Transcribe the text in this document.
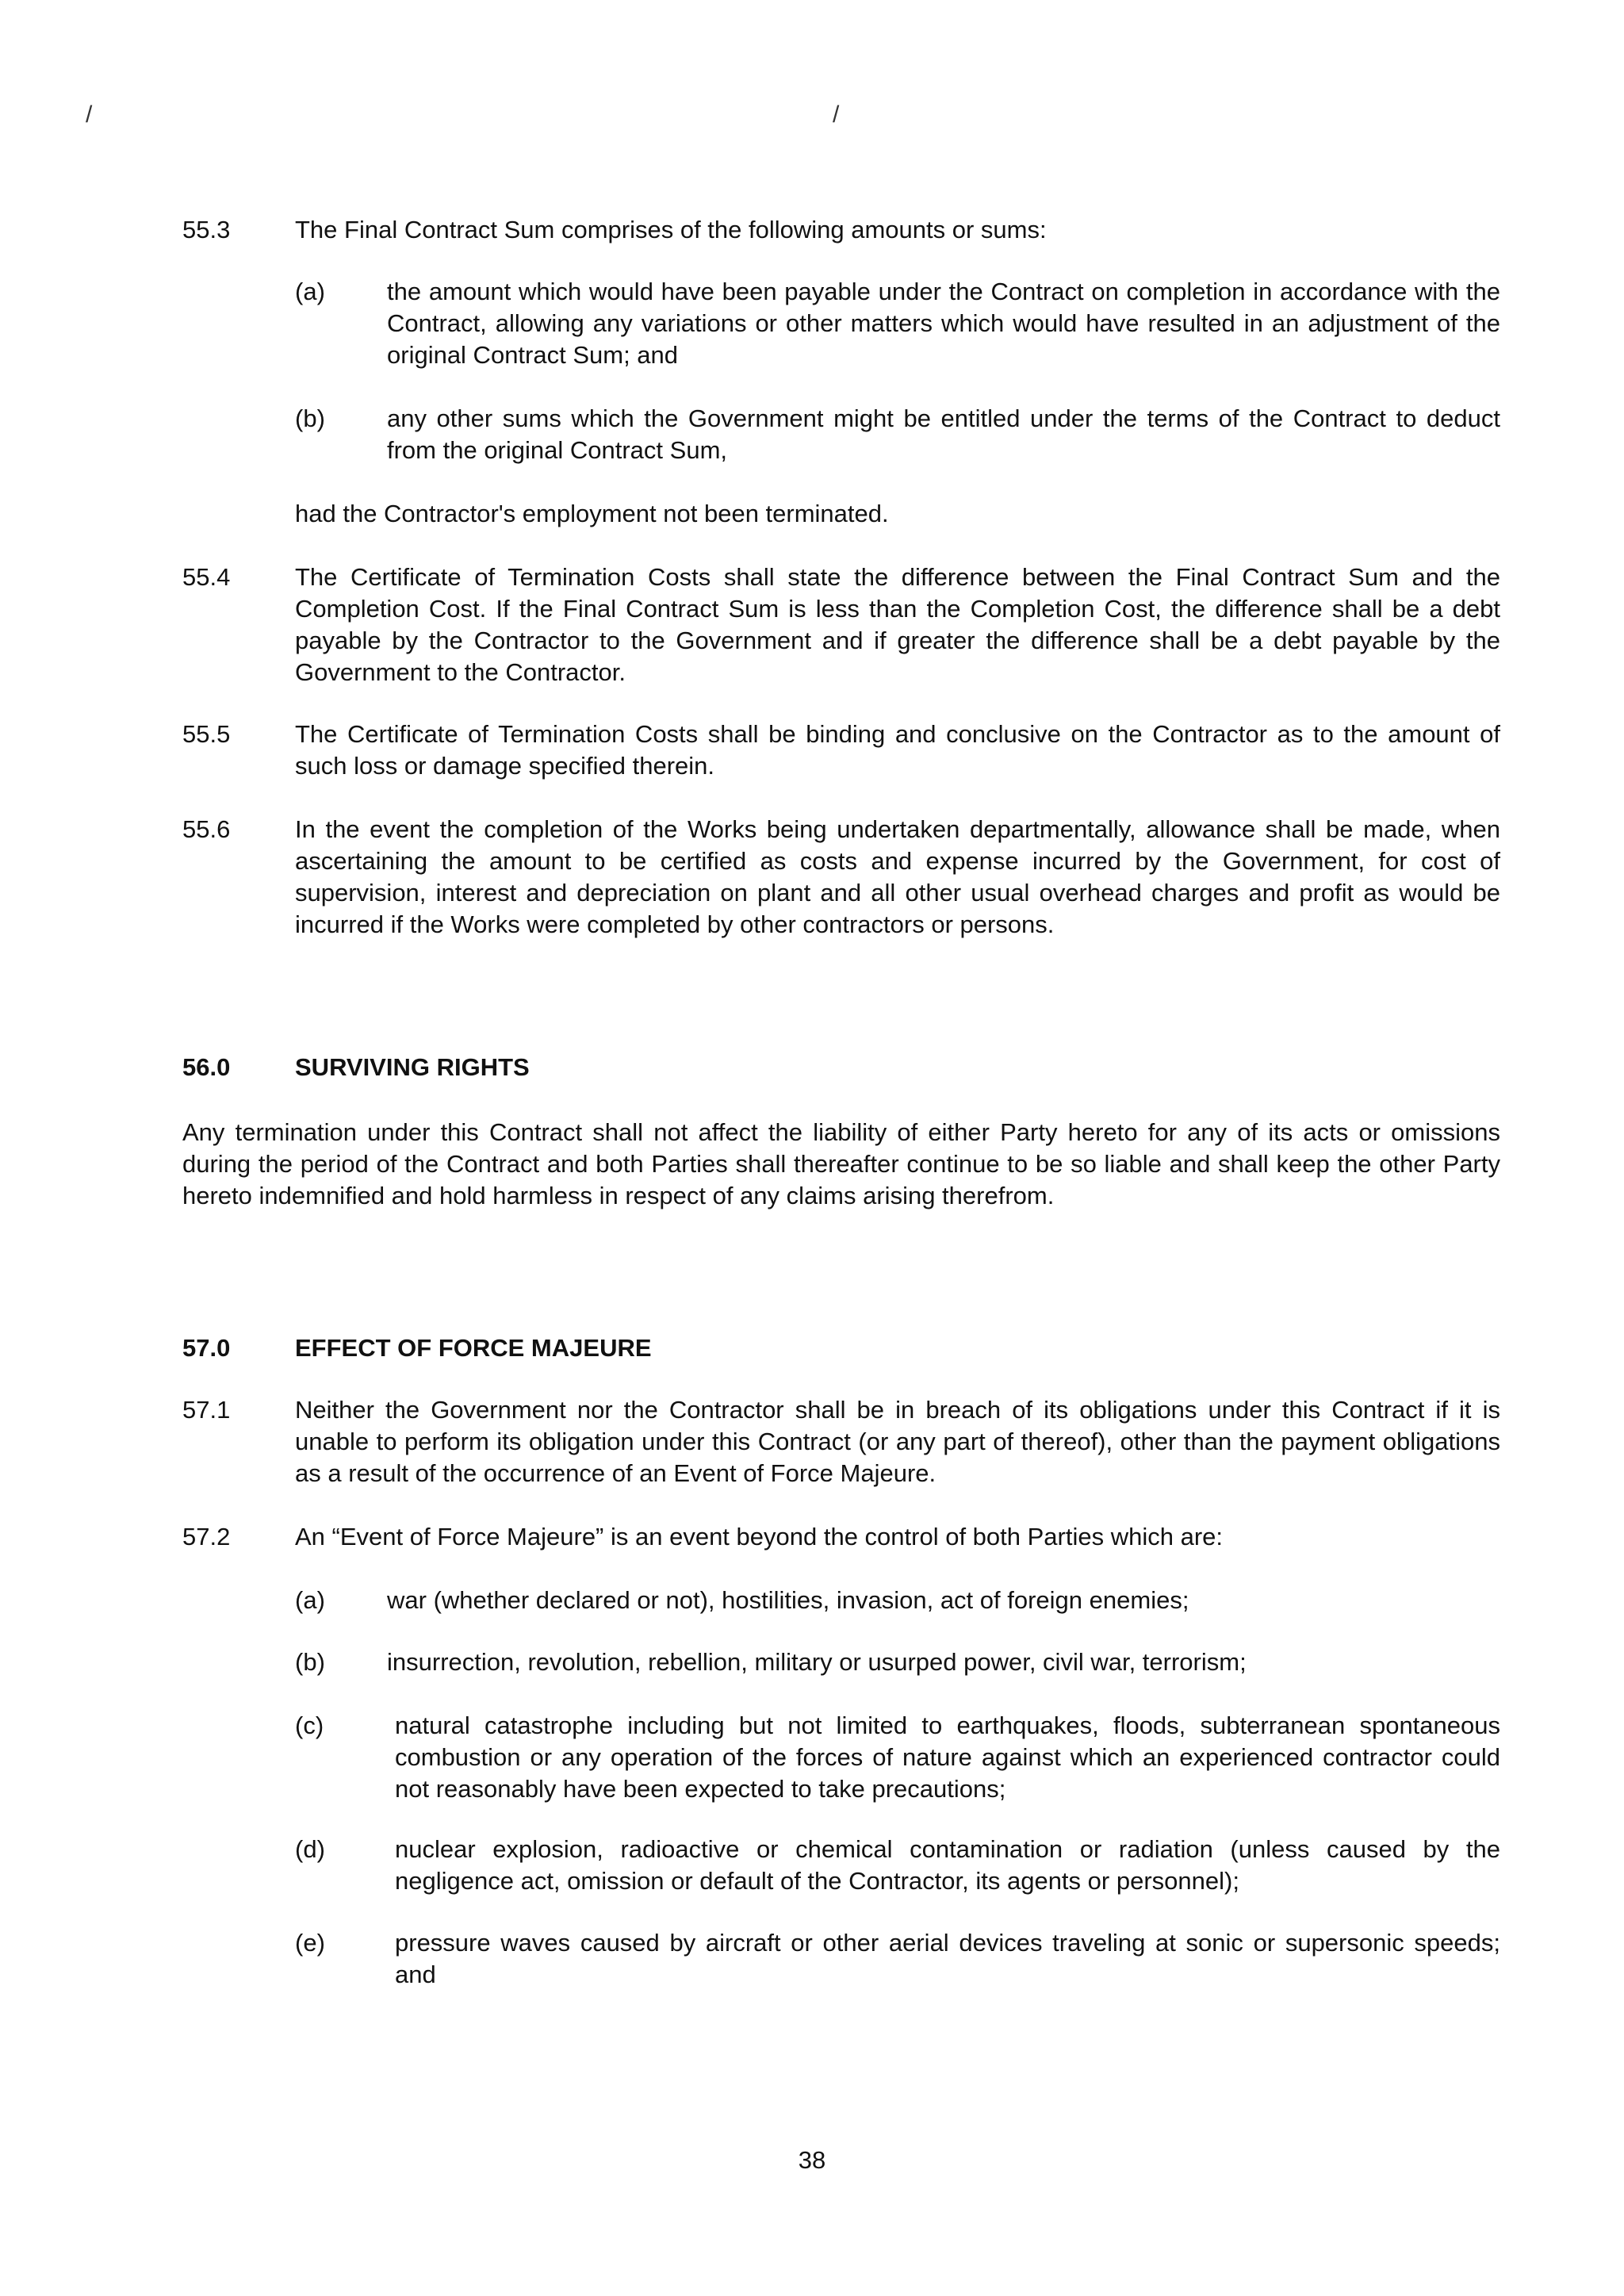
/	/
55.3	The Final Contract Sum comprises of the following amounts or sums:
(a)	the amount which would have been payable under the Contract on completion in accordance with the Contract, allowing any variations or other matters which would have resulted in an adjustment of the original Contract Sum; and
(b)	any other sums which the Government might be entitled under the terms of the Contract to deduct from the original Contract Sum,
had the Contractor's employment not been terminated.
55.4	The Certificate of Termination Costs shall state the difference between the Final Contract Sum and the Completion Cost. If the Final Contract Sum is less than the Completion Cost, the difference shall be a debt payable by the Contractor to the Government and if greater the difference shall be a debt payable by the Government to the Contractor.
55.5	The Certificate of Termination Costs shall be binding and conclusive on the Contractor as to the amount of such loss or damage specified therein.
55.6	In the event the completion of the Works being undertaken departmentally, allowance shall be made, when ascertaining the amount to be certified as costs and expense incurred by the Government, for cost of supervision, interest and depreciation on plant and all other usual overhead charges and profit as would be incurred if the Works were completed by other contractors or persons.
56.0	SURVIVING RIGHTS
Any termination under this Contract shall not affect the liability of either Party hereto for any of its acts or omissions during the period of the Contract and both Parties shall thereafter continue to be so liable and shall keep the other Party hereto indemnified and hold harmless in respect of any claims arising therefrom.
57.0	EFFECT OF FORCE MAJEURE
57.1	Neither the Government nor the Contractor shall be in breach of its obligations under this Contract if it is unable to perform its obligation under this Contract (or any part of thereof), other than the payment obligations as a result of the occurrence of an Event of Force Majeure.
57.2	An “Event of Force Majeure” is an event beyond the control of both Parties which are:
(a)	war (whether declared or not), hostilities, invasion, act of foreign enemies;
(b)	insurrection, revolution, rebellion, military or usurped power, civil war, terrorism;
(c)	natural catastrophe including but not limited to earthquakes, floods, subterranean spontaneous combustion or any operation of the forces of nature against which an experienced contractor could not reasonably have been expected to take precautions;
(d)	nuclear explosion, radioactive or chemical contamination or radiation (unless caused by the negligence act, omission or default of the Contractor, its agents or personnel);
(e)	pressure waves caused by aircraft or other aerial devices traveling at sonic or supersonic speeds; and
38
